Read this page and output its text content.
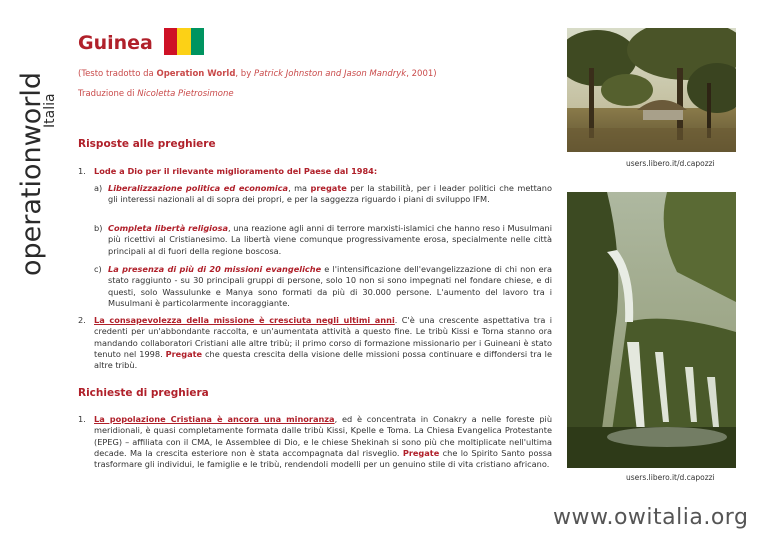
operationworld
Italia
Guinea
(Testo tradotto da Operation World, by Patrick Johnston and Jason Mandryk, 2001)
Traduzione di Nicoletta Pietrosimone
Risposte alle preghiere
1. Lode a Dio per il rilevante miglioramento del Paese dal 1984:
a) Liberalizzazione politica ed economica, ma pregate per la stabilità, per i leader politici che mettano gli interessi nazionali al di sopra dei propri, e per la saggezza riguardo i piani di sviluppo IFM.
b) Completa libertà religiosa, una reazione agli anni di terrore marxisti-islamici che hanno reso i Musulmani più ricettivi al Cristianesimo. La libertà viene comunque progressivamente erosa, specialmente nelle città principali al di fuori della regione boscosa.
c) La presenza di più di 20 missioni evangeliche e l'intensificazione dell'evangelizzazione di chi non era stato raggiunto - su 30 principali gruppi di persone, solo 10 non si sono impegnati nel fondare chiese, e di questi, solo Wassulunke e Manya sono formati da più di 30.000 persone. L'aumento del lavoro tra i Musulmani è particolarmente incoraggiante.
2. La consapevolezza della missione è cresciuta negli ultimi anni. C'è una crescente aspettativa tra i credenti per un'abbondante raccolta, e un'aumentata attività a questo fine. Le tribù Kissi e Torna stanno ora mandando collaboratori Cristiani alle altre tribù; il primo corso di formazione missionario per i Guineani è stato tenuto nel 1998. Pregate che questa crescita della visione delle missioni possa continuare e diffondersi tra le altre tribù.
Richieste di preghiera
1. La popolazione Cristiana è ancora una minoranza, ed è concentrata in Conakry a nelle foreste più meridionali, è quasi completamente formata dalle tribù Kissi, Kpelle e Toma. La Chiesa Evangelica Protestante (EPEG) – affiliata con il CMA, le Assemblee di Dio, e le chiese Shekinah si sono più che moltiplicate nell'ultima decade. Ma la crescita esteriore non è stata accompagnata dal risveglio. Pregate che lo Spirito Santo possa trasformare gli individui, le famiglie e le tribù, rendendoli modelli per un genuino stile di vita cristiano africano.
users.libero.it/d.capozzi
users.libero.it/d.capozzi
www.owitalia.org
